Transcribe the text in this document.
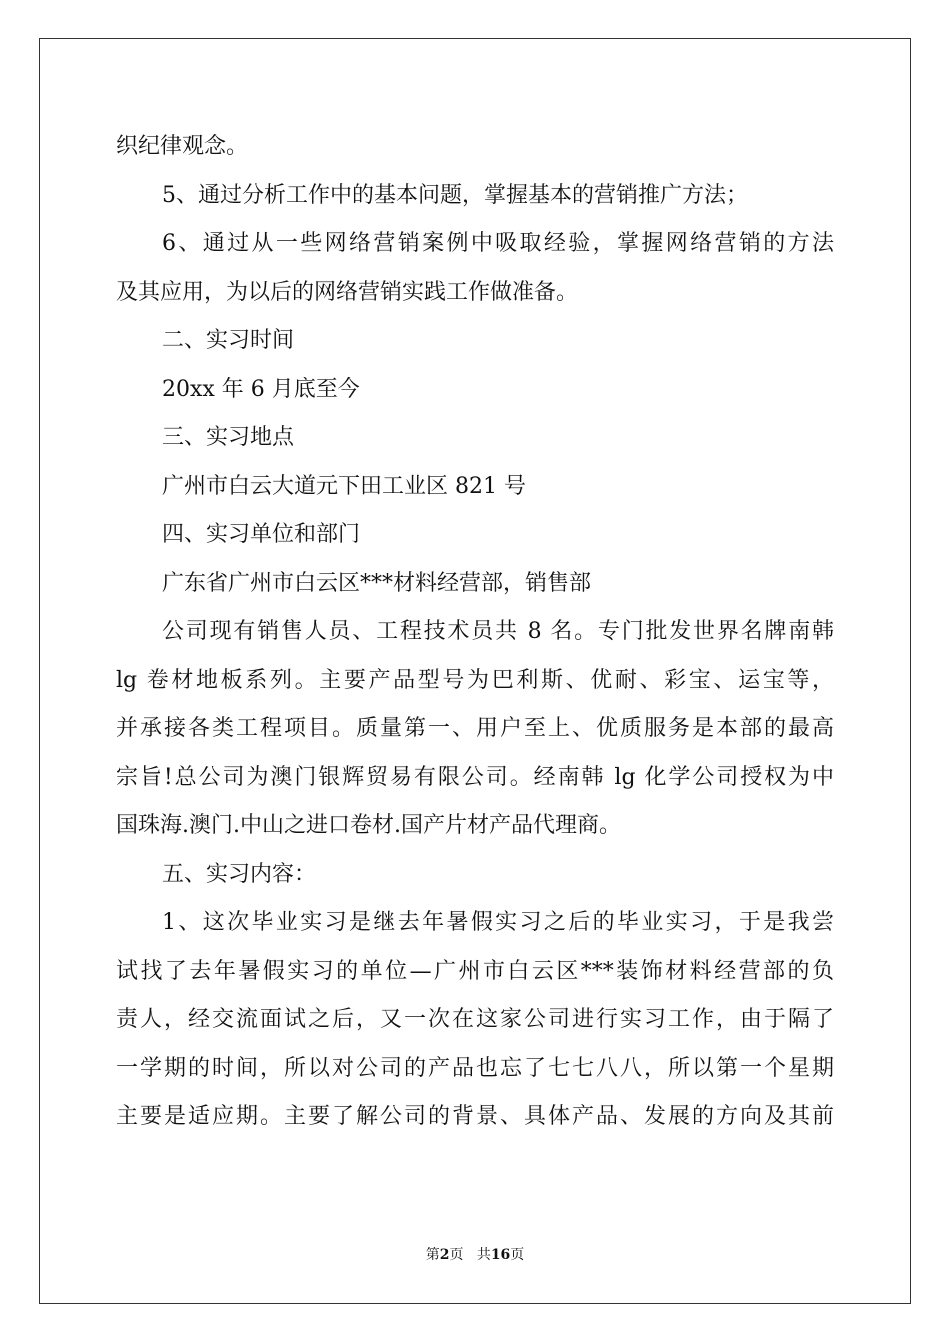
织纪律观念。
5、通过分析工作中的基本问题，掌握基本的营销推广方法；
6、通过从一些网络营销案例中吸取经验，掌握网络营销的方法
及其应用，为以后的网络营销实践工作做准备。
二、实习时间
20xx 年 6 月底至今
三、实习地点
广州市白云大道元下田工业区 821 号
四、实习单位和部门
广东省广州市白云区***材料经营部，销售部
公司现有销售人员、工程技术员共 8 名。专门批发世界名牌南韩
lg 卷材地板系列。主要产品型号为巴利斯、优耐、彩宝、运宝等，
并承接各类工程项目。质量第一、用户至上、优质服务是本部的最高
宗旨!总公司为澳门银辉贸易有限公司。经南韩 lg 化学公司授权为中
国珠海.澳门.中山之进口卷材.国产片材产品代理商。
五、实习内容：
1、这次毕业实习是继去年暑假实习之后的毕业实习，于是我尝
试找了去年暑假实习的单位—广州市白云区***装饰材料经营部的负
责人，经交流面试之后，又一次在这家公司进行实习工作，由于隔了
一学期的时间，所以对公司的产品也忘了七七八八，所以第一个星期
主要是适应期。主要了解公司的背景、具体产品、发展的方向及其前
第2页 共16页
